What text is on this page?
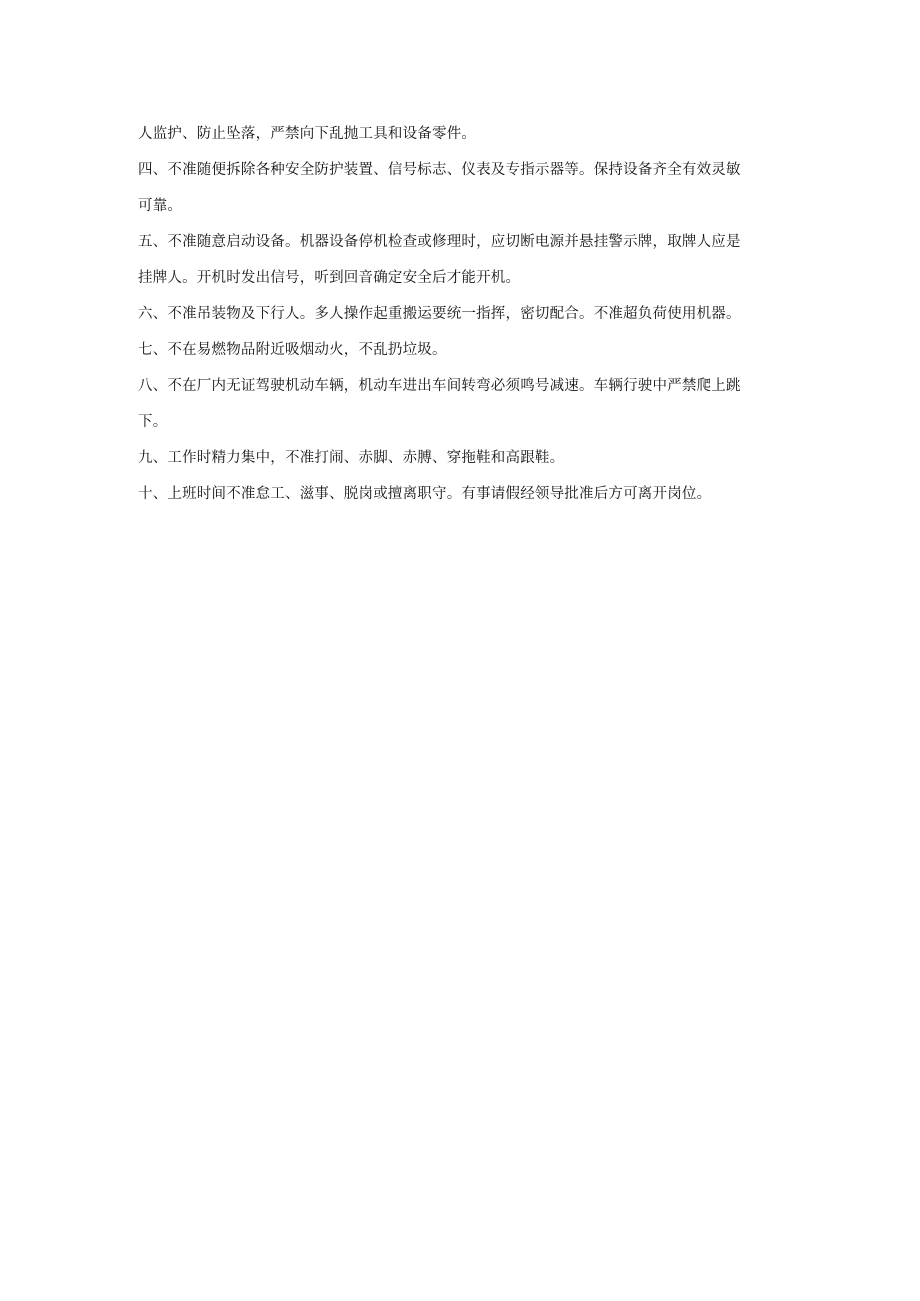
人监护、防止坠落，严禁向下乱抛工具和设备零件。
四、不准随便拆除各种安全防护装置、信号标志、仪表及专指示器等。保持设备齐全有效灵敏
可靠。
五、不准随意启动设备。机器设备停机检查或修理时，应切断电源并悬挂警示牌，取牌人应是
挂牌人。开机时发出信号，听到回音确定安全后才能开机。
六、不准吊装物及下行人。多人操作起重搬运要统一指挥，密切配合。不准超负荷使用机器。
七、不在易燃物品附近吸烟动火，不乱扔垃圾。
八、不在厂内无证驾驶机动车辆，机动车进出车间转弯必须鸣号减速。车辆行驶中严禁爬上跳
下。
九、工作时精力集中，不准打闹、赤脚、赤膊、穿拖鞋和高跟鞋。
十、上班时间不准怠工、滋事、脱岗或擅离职守。有事请假经领导批准后方可离开岗位。
